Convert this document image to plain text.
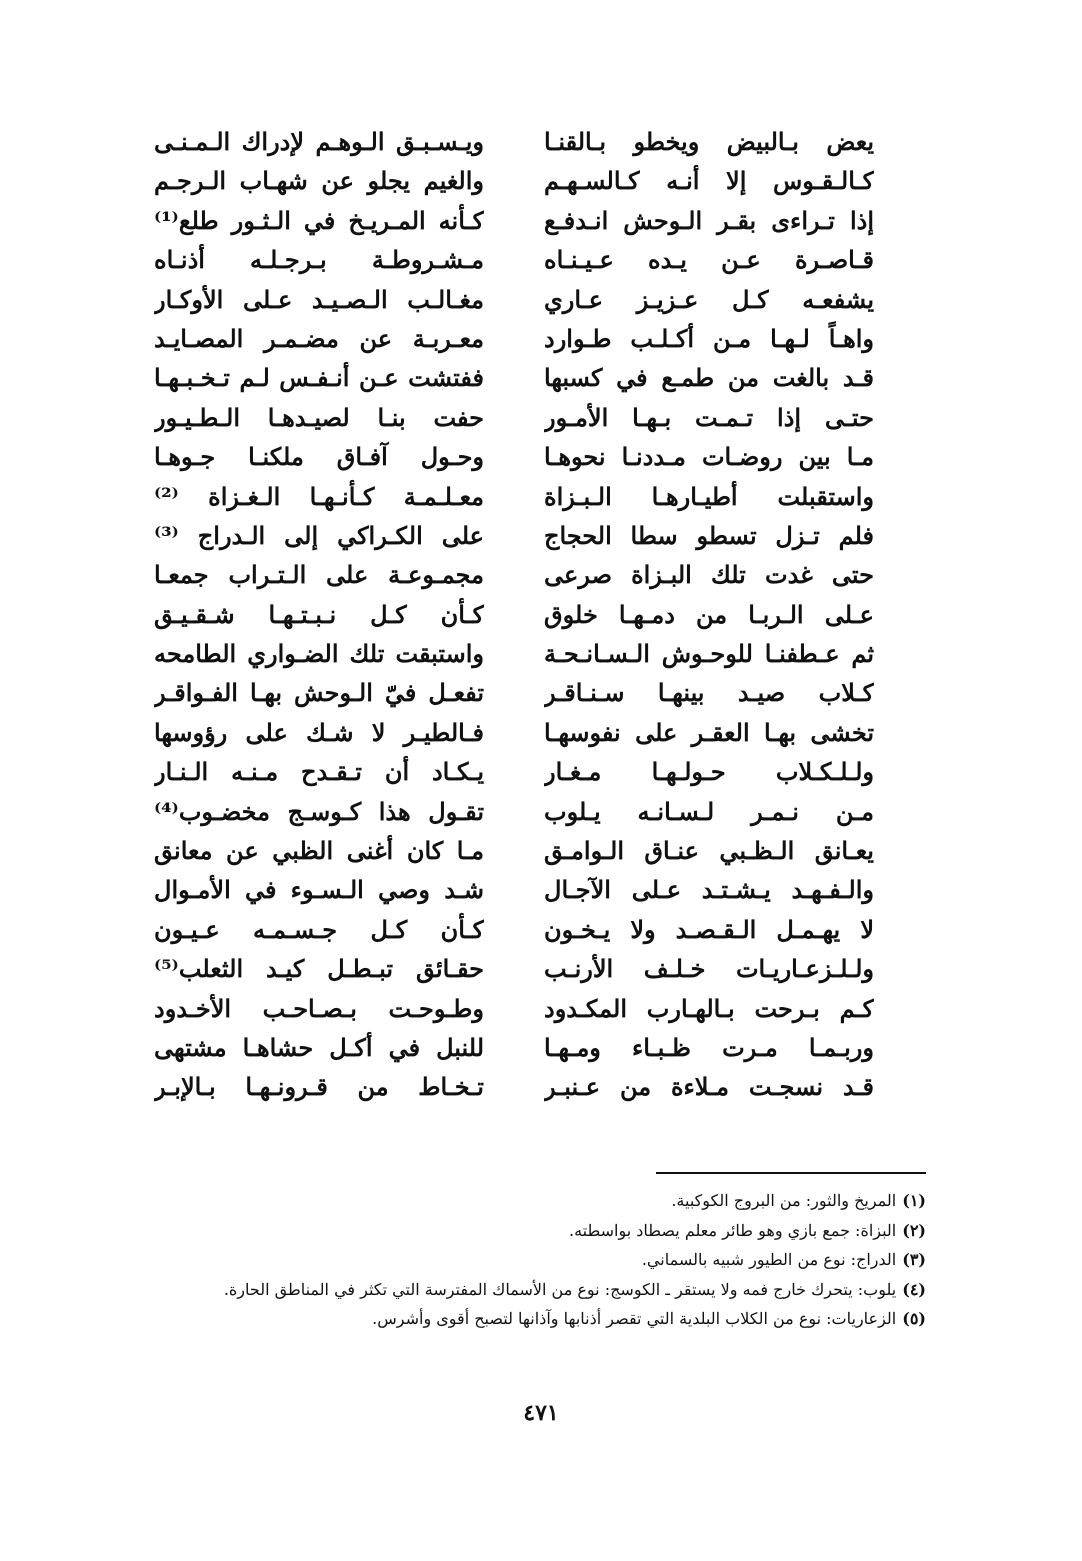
يعض بـالبيض ويخطو بـالقنـا
كـالـقـوس إلا أنـه كـالسـهـم
إذا تـراءى بقـر الـوحش انـدفـع
قـاصـرة عـن يـده عـيـنـاه
يشفعـه كـل عـزيـز عـاري
واهـاً لـهـا مـن أكـلـب طـوارد
قـد بالغت من طمـع في كسبها
حتـى إذا تـمـت بـهـا الأمـور
مـا بين روضـات مـددنـا نحوهـا
واستقبلت أطيـارهـا الـبـزاة
فلم تـزل تسطو سطا الحجاج
حتى غدت تلك البـزاة صرعى
عـلى الـربـا من دمـهـا خلوق
ثم عـطفنـا للوحـوش الـسـانـحـة
كـلاب صيـد بينهـا سـنـاقـر
تخشى بهـا العقـر على نفوسهـا
ولـلـكـلاب حـولـهـا مـغـار
مـن نـمـر لـسـانـه يـلوب
يعـانق الـظـبي عنـاق الـوامـق
والـفـهـد يـشـتـد عـلى الآجـال
لا يهـمـل الـقـصـد ولا يـخـون
ولـلـزعـاريـات خـلـف الأرنـب
كـم بـرحت بـالهـارب المكـدود
وربـمـا مـرت ظـبـاء ومـهـا
قـد نسجـت مـلاءة من عـنبـر
ويـسـبـق الـوهـم لإدراك الـمـنـى
والغيم يجلو عن شهـاب الـرجـم
كـأنه المـريـخ في الـثـور طلع⁽¹⁾
مـشـروطـة بـرجـلـه أذنـاه
مغـالـب الـصـيـد عـلى الأوكـار
معـربـة عن مضـمـر المصـايـد
ففتشت عـن أنـفـس لـم تـخـبـهـا
حفت بنـا لصيـدهـا الـطـيـور
وحـول آفـاق ملكنـا جـوهـا
معـلـمـة كـأنـهـا الـغـزاة ⁽²⁾
على الكـراكي إلى الـدراج ⁽³⁾
مجمـوعـة على الـتـراب جمعـا
كـأن كـل نـبـتـهـا شـقـيـق
واستبقت تلك الضـواري الطامحه
تفعـل فيّ الـوحش بهـا الفـواقـر
فـالطيـر لا شـك على رؤوسها
يـكـاد أن تـقـدح مـنـه الـنـار
تقـول هذا كـوسـج مخضـوب⁽⁴⁾
مـا كان أغنى الظبي عن معانق
شـد وصي الـسـوء في الأمـوال
كـأن كـل جـسـمـه عـيـون
حقـائق تبـطـل كيـد الثعلب⁽⁵⁾
وطـوحـت بـصـاحـب الأخـدود
للنبل في أكـل حشاهـا مشتهى
تـخـاط من قـرونـهـا بـالإبـر
(١)المريخ والثور: من البروج الكوكبية.
(٢)البزاة: جمع بازي وهو طائر معلم يصطاد بواسطته.
(٣)الدراج: نوع من الطيور شبيه بالسماني.
(٤)يلوب: يتحرك خارج فمه ولا يستقر ـ الكوسج: نوع من الأسماك المفترسة التي تكثر في المناطق الحارة.
(٥)الزعاريات: نوع من الكلاب البلدية التي تقصر أذنابها وآذانها لتصبح أقوى وأشرس.
٤٧١
